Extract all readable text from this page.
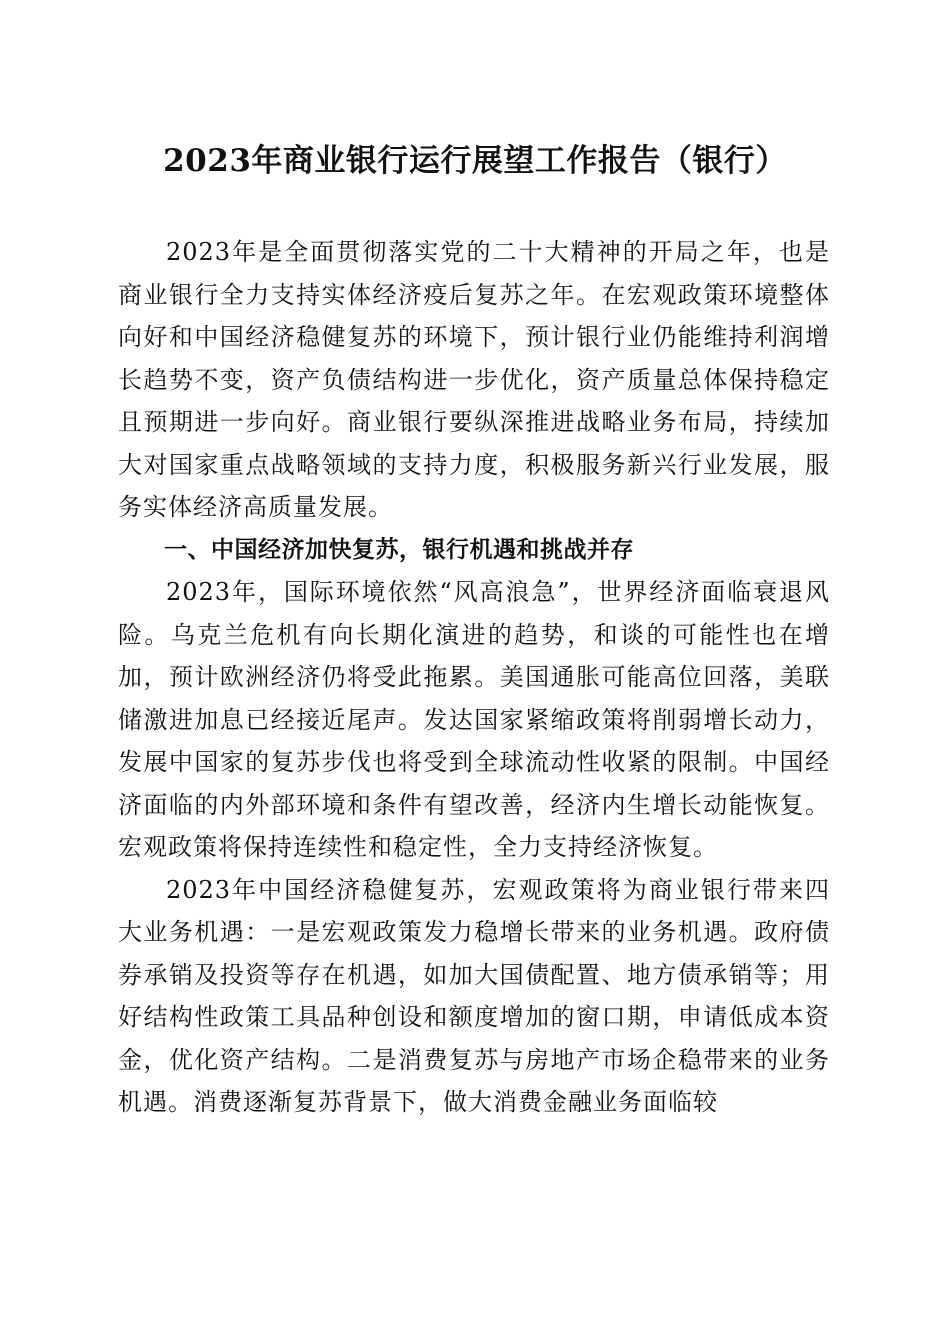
2023年商业银行运行展望工作报告（银行）

2023年是全面贯彻落实党的二十大精神的开局之年，也是商业银行全力支持实体经济疫后复苏之年。在宏观政策环境整体向好和中国经济稳健复苏的环境下，预计银行业仍能维持利润增长趋势不变，资产负债结构进一步优化，资产质量总体保持稳定且预期进一步向好。商业银行要纵深推进战略业务布局，持续加大对国家重点战略领域的支持力度，积极服务新兴行业发展，服务实体经济高质量发展。

一、中国经济加快复苏，银行机遇和挑战并存

2023年，国际环境依然“风高浪急”，世界经济面临衰退风险。乌克兰危机有向长期化演进的趋势，和谈的可能性也在增加，预计欧洲经济仍将受此拖累。美国通胀可能高位回落，美联储激进加息已经接近尾声。发达国家紧缩政策将削弱增长动力，发展中国家的复苏步伐也将受到全球流动性收紧的限制。中国经济面临的内外部环境和条件有望改善，经济内生增长动能恢复。宏观政策将保持连续性和稳定性，全力支持经济恢复。

2023年中国经济稳健复苏，宏观政策将为商业银行带来四大业务机遇：一是宏观政策发力稳增长带来的业务机遇。政府债券承销及投资等存在机遇，如加大国债配置、地方债承销等；用好结构性政策工具品种创设和额度增加的窗口期，申请低成本资金，优化资产结构。二是消费复苏与房地产市场企稳带来的业务机遇。消费逐渐复苏背景下，做大消费金融业务面临较
